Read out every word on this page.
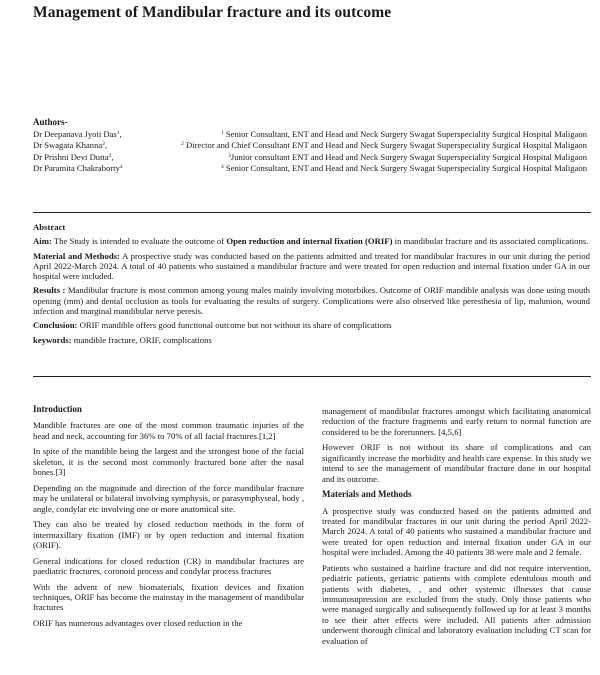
Management of Mandibular fracture and its outcome
Authors-
Dr Deepanava Jyoti Das$^1$,	$^1$ Senior Consultant, ENT and Head and Neck Surgery Swagat Superspeciality Surgical Hospital Maligaon
Dr Swagata Khanna$^2$,	$^2$ Director and Chief Consultant ENT and Head and Neck Surgery Swagat Superspeciality Surgical Hospital Maligaon
Dr Prishni Devi Dutta$^3$,	$^3$Junior consultant ENT and Head and Neck Surgery Swagat Superspeciality Surgical Hospital Maligaon
Dr Paramita Chakraborty$^4$	$^4$ Senior Consultant, ENT and Head and Neck Surgery Swagat Superspeciality Surgical Hospital Maligaon
Abstract

Aim: The Study is intended to evaluate the outcome of Open reduction and internal fixation (ORIF) in mandibular fracture and its associated complications.

Material and Methods: A prospective study was conducted based on the patients admitted and treated for mandibular fractures in our unit during the period April 2022-March 2024. A total of 40 patients who sustained a mandibular fracture and were treated for open reduction and internal fixation under GA in our hospital were included.

Results : Mandibular fracture is most common among young males mainly involving motorbikes. Outcome of ORIF mandible analysis was done using mouth opening (mm) and dental occlusion as tools for evaluating the results of surgery. Complications were also observed like peresthesia of lip, malunion, wound infection and marginal mandibular nerve peresis.

Conclusion: ORIF mandible offers good functional outcome but not without its share of complications

keywords: mandible fracture, ORIF, complications

Introduction

Mandible fractures are one of the most common traumatic injuries of the head and neck, accounting for 36% to 70% of all facial fractures.[1,2]

In spite of the mandible being the largest and the strongest bone of the facial skeleton, it is the second most commonly fractured bone after the nasal bones.[3]

Depending on the magnitude and direction of the force mandibular fracture may be unilateral or bilateral involving symphysis, or parasymphyseal, body , angle, condylar etc involving one or more anatomical site.

They can also be treated by closed reduction methods in the form of intermaxillary fixation (IMF) or by open reduction and internal fixation (ORIF).

General indications for closed reduction (CR) in mandibular fractures are paediatric fractures, coronoid process and condylar process fractures

With the advent of new biomaterials, fixation devices and fixation techniques, ORIF has become the mainstay in the management of mandibular fractures

ORIF has numerous advantages over closed reduction in the

management of mandibular fractures amongst which facilitating anatomical reduction of the fracture fragments and early return to normal function are considered to be the forerunners. [4,5,6]

However ORIF is not without its share of complications and can significantly increase the morbidity and health care expense. In this study we intend to see the management of mandibular fracture done in our hospital and its outcome.

Materials and Methods

A prospective study was conducted based on the patients admitted and treated for mandibular fractures in our unit during the period April 2022-March 2024. A total of 40 patients who sustained a mandibular fracture and were treated for open reduction and internal fixation under GA in our hospital were included. Among the 40 patients 38 were male and 2 female.

Patients who sustained a hairline fracture and did not require intervention, pediatric patients, geriatric patients with complete edentulous mouth and patients with diabetes, , and other systemic illnesses that cause immunosupression are excluded from the study. Only those patients who were managed surgically and subsequently followed up for at least 3 months to see their after effects were included. All patients after admission underwent thorough clinical and laboratory evaluation including CT scan for evaluation of
